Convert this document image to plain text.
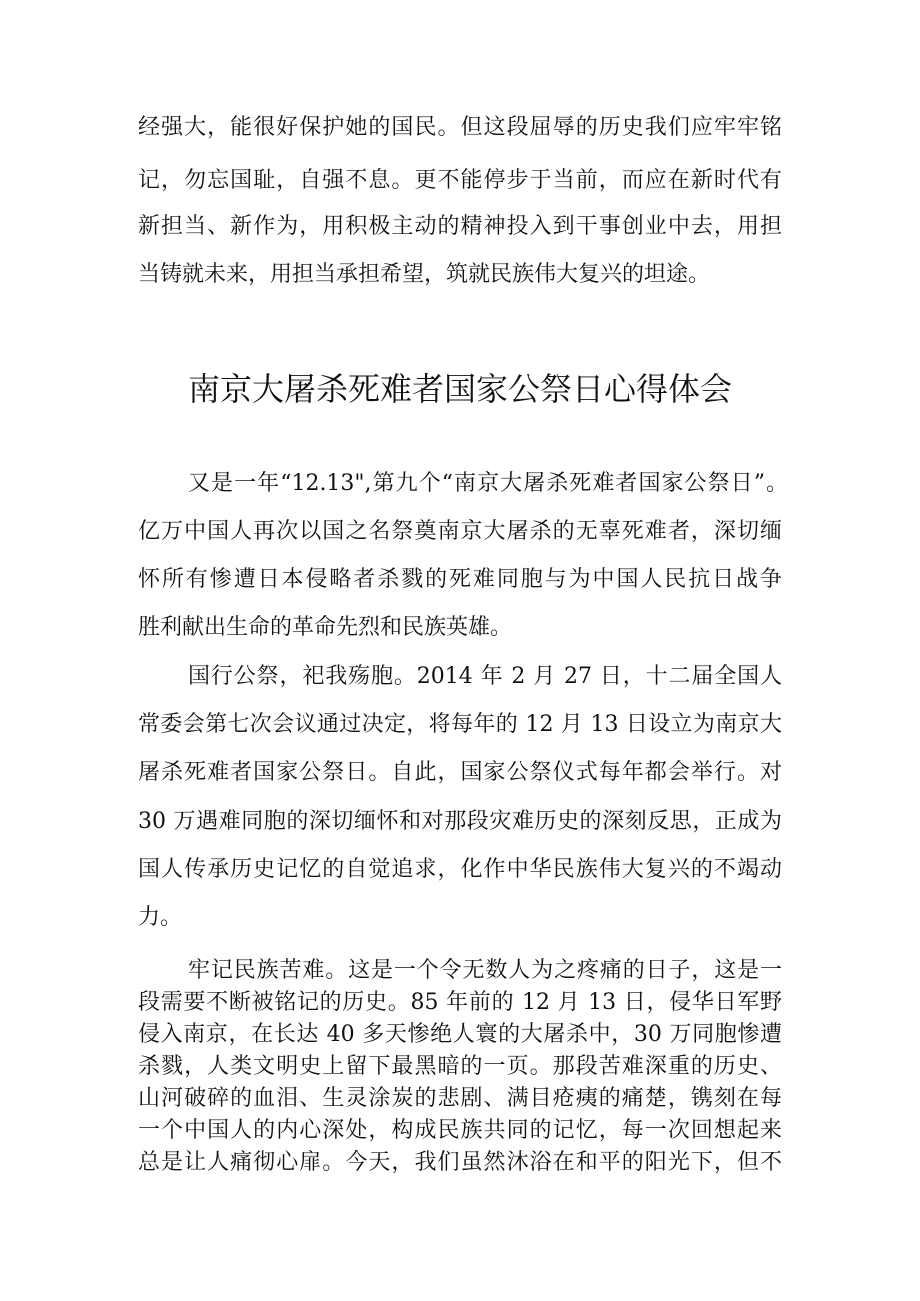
经强大，能很好保护她的国民。但这段屈辱的历史我们应牢牢铭

记，勿忘国耻，自强不息。更不能停步于当前，而应在新时代有

新担当、新作为，用积极主动的精神投入到干事创业中去，用担

当铸就未来，用担当承担希望，筑就民族伟大复兴的坦途。

南京大屠杀死难者国家公祭日心得体会

又是一年“12.13",第九个“南京大屠杀死难者国家公祭日”。

亿万中国人再次以国之名祭奠南京大屠杀的无辜死难者，深切缅

怀所有惨遭日本侵略者杀戮的死难同胞与为中国人民抗日战争

胜利献出生命的革命先烈和民族英雄。

国行公祭，祀我殇胞。2014 年 2 月 27 日，十二届全国人

常委会第七次会议通过决定，将每年的 12 月 13 日设立为南京大

屠杀死难者国家公祭日。自此，国家公祭仪式每年都会举行。对

30 万遇难同胞的深切缅怀和对那段灾难历史的深刻反思，正成为

国人传承历史记忆的自觉追求，化作中华民族伟大复兴的不竭动

力。

牢记民族苦难。这是一个令无数人为之疼痛的日子，这是一

段需要不断被铭记的历史。85 年前的 12 月 13 日，侵华日军野

侵入南京，在长达 40 多天惨绝人寰的大屠杀中，30 万同胞惨遭

杀戮，人类文明史上留下最黑暗的一页。那段苦难深重的历史、

山河破碎的血泪、生灵涂炭的悲剧、满目疮痍的痛楚，镌刻在每

一个中国人的内心深处，构成民族共同的记忆，每一次回想起来

总是让人痛彻心扉。今天，我们虽然沐浴在和平的阳光下，但不
